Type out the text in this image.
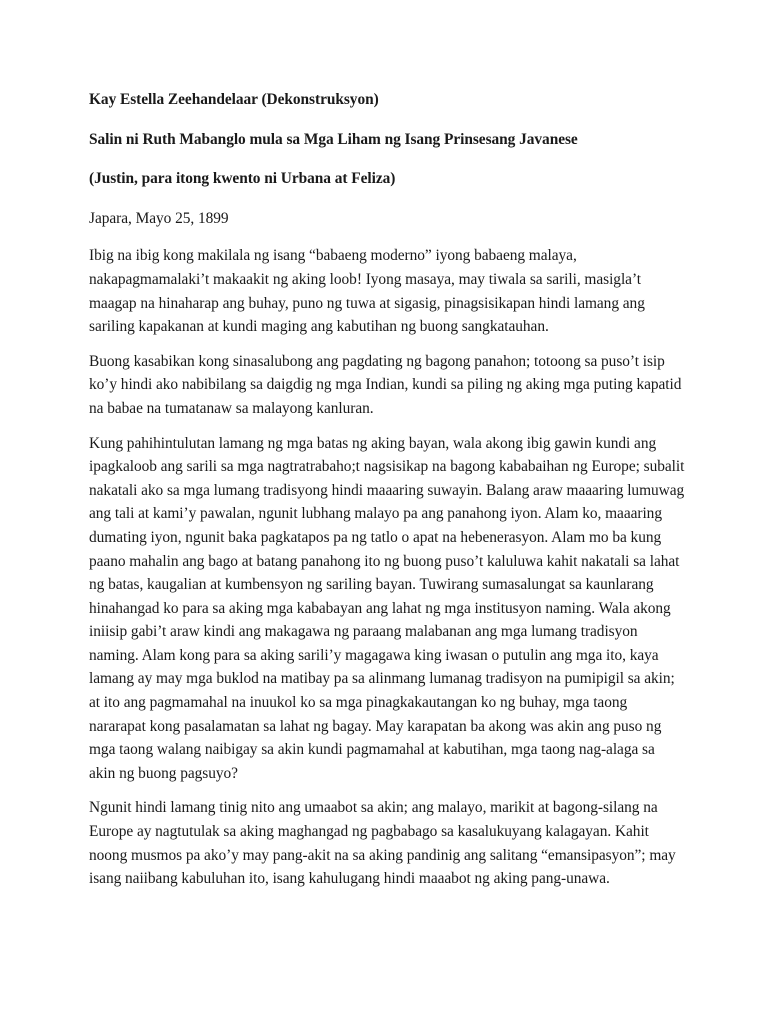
Kay Estella Zeehandelaar (Dekonstruksyon)

Salin ni Ruth Mabanglo mula sa Mga Liham ng Isang Prinsesang Javanese

(Justin, para itong kwento ni Urbana at Feliza)

Japara, Mayo 25, 1899

Ibig na ibig kong makilala ng isang “babaeng moderno” iyong babaeng malaya,
nakapagmamalaki’t makaakit ng aking loob! Iyong masaya, may tiwala sa sarili, masigla’t
maagap na hinaharap ang buhay, puno ng tuwa at sigasig, pinagsisikapan hindi lamang ang
sariling kapakanan at kundi maging ang kabutihan ng buong sangkatauhan.
Buong kasabikan kong sinasalubong ang pagdating ng bagong panahon; totoong sa puso’t isip
ko’y hindi ako nabibilang sa daigdig ng mga Indian, kundi sa piling ng aking mga puting kapatid
na babae na tumatanaw sa malayong kanluran.
Kung pahihintulutan lamang ng mga batas ng aking bayan, wala akong ibig gawin kundi ang
ipagkaloob ang sarili sa mga nagtratrabaho;t nagsisikap na bagong kababaihan ng Europe; subalit
nakatali ako sa mga lumang tradisyong hindi maaaring suwayin. Balang araw maaaring lumuwag
ang tali at kami’y pawalan, ngunit lubhang malayo pa ang panahong iyon. Alam ko, maaaring
dumating iyon, ngunit baka pagkatapos pa ng tatlo o apat na hebenerasyon. Alam mo ba kung
paano mahalin ang bago at batang panahong ito ng buong puso’t kaluluwa kahit nakatali sa lahat
ng batas, kaugalian at kumbensyon ng sariling bayan. Tuwirang sumasalungat sa kaunlarang
hinahangad ko para sa aking mga kababayan ang lahat ng mga institusyon naming. Wala akong
iniisip gabi’t araw kindi ang makagawa ng paraang malabanan ang mga lumang tradisyon
naming. Alam kong para sa aking sarili’y magagawa king iwasan o putulin ang mga ito, kaya
lamang ay may mga buklod na matibay pa sa alinmang lumanag tradisyon na pumipigil sa akin;
at ito ang pagmamahal na inuukol ko sa mga pinagkakautangan ko ng buhay, mga taong
nararapat kong pasalamatan sa lahat ng bagay. May karapatan ba akong was akin ang puso ng
mga taong walang naibigay sa akin kundi pagmamahal at kabutihan, mga taong nag-alaga sa
akin ng buong pagsuyo?
Ngunit hindi lamang tinig nito ang umaabot sa akin; ang malayo, marikit at bagong-silang na
Europe ay nagtutulak sa aking maghangad ng pagbabago sa kasalukuyang kalagayan. Kahit
noong musmos pa ako’y may pang-akit na sa aking pandinig ang salitang “emansipasyon”; may
isang naiibang kabuluhan ito, isang kahulugang hindi maaabot ng aking pang-unawa.
